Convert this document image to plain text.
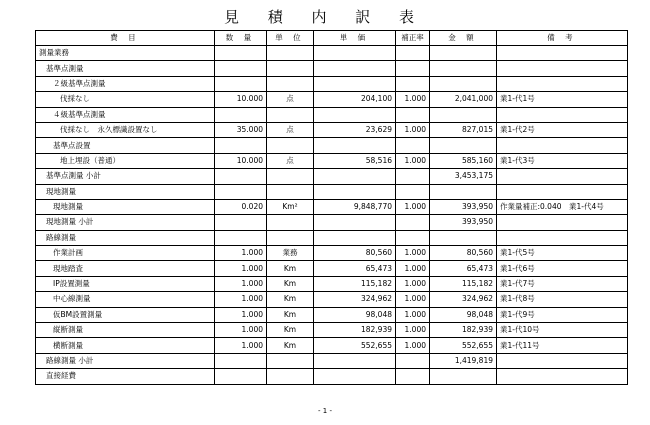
見 積 内 訳 表
費 目	数 量	単 位	単 価	補正率	金 額	備 考
測量業務						
基準点測量						
２級基準点測量						
伐採なし	10.000	点	204,100	1.000	2,041,000	業1-代1号
４級基準点測量						
伐採なし　永久標識設置なし	35.000	点	23,629	1.000	827,015	業1-代2号
基準点設置						
地上埋設（普通）	10.000	点	58,516	1.000	585,160	業1-代3号
基準点測量 小計					3,453,175	
現地測量						
現地測量	0.020	Km²	9,848,770	1.000	393,950	作業量補正:0.040　業1-代4号
現地測量 小計					393,950	
路線測量						
作業計画	1.000	業務	80,560	1.000	80,560	業1-代5号
現地踏査	1.000	Km	65,473	1.000	65,473	業1-代6号
IP設置測量	1.000	Km	115,182	1.000	115,182	業1-代7号
中心線測量	1.000	Km	324,962	1.000	324,962	業1-代8号
仮BM設置測量	1.000	Km	98,048	1.000	98,048	業1-代9号
縦断測量	1.000	Km	182,939	1.000	182,939	業1-代10号
横断測量	1.000	Km	552,655	1.000	552,655	業1-代11号
路線測量 小計					1,419,819	
直接経費						
- 1 -
